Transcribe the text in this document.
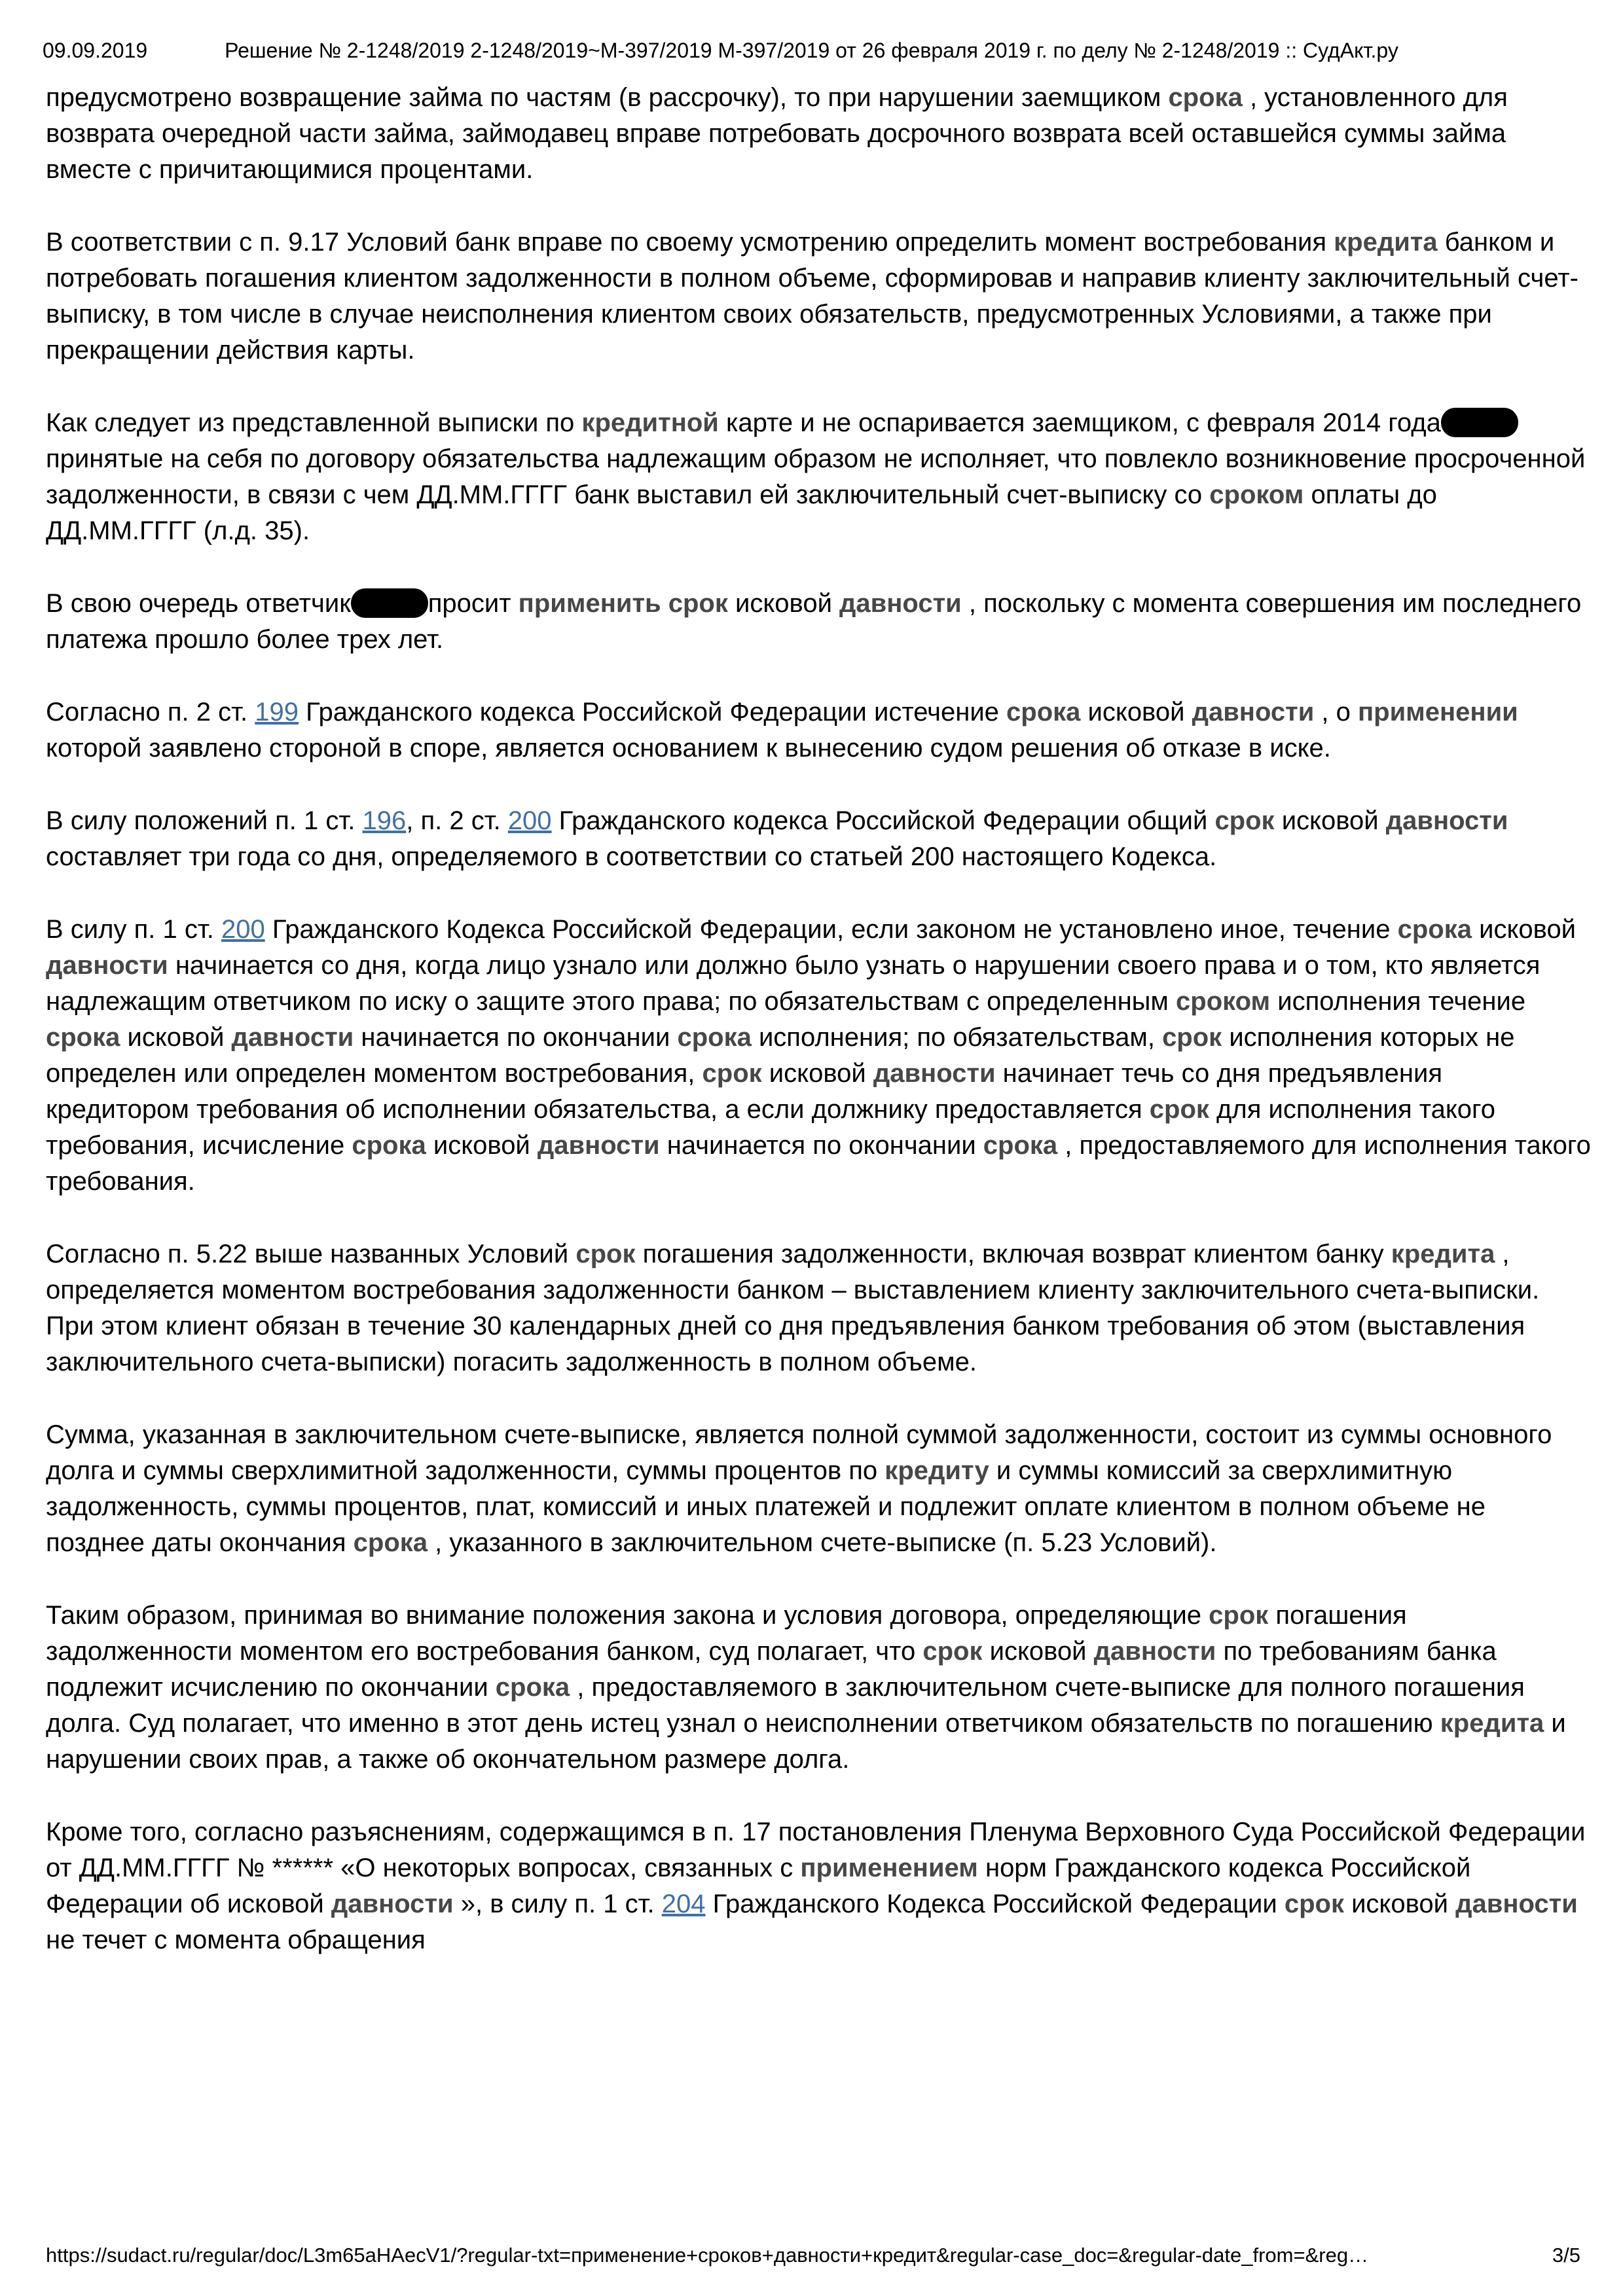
09.09.2019	Решение № 2-1248/2019 2-1248/2019~М-397/2019 М-397/2019 от 26 февраля 2019 г. по делу № 2-1248/2019 :: СудАкт.ру

предусмотрено возвращение займа по частям (в рассрочку), то при нарушении заемщиком срока , установленного для возврата очередной части займа, займодавец вправе потребовать досрочного возврата всей оставшейся суммы займа вместе с причитающимися процентами.

В соответствии с п. 9.17 Условий банк вправе по своему усмотрению определить момент востребования кредита банком и потребовать погашения клиентом задолженности в полном объеме, сформировав и направив клиенту заключительный счет-выписку, в том числе в случае неисполнения клиентом своих обязательств, предусмотренных Условиями, а также при прекращении действия карты.

Как следует из представленной выписки по кредитной карте и не оспаривается заемщиком, с февраля 2014 годапринятые на себя по договору обязательства надлежащим образом не исполняет, что повлекло возникновение просроченной задолженности, в связи с чем ДД.ММ.ГГГГ банк выставил ей заключительный счет-выписку со сроком оплаты до ДД.ММ.ГГГГ (л.д. 35).

В свою очередь ответчик	просит применить срок исковой давности , поскольку с момента совершения им последнего платежа прошло более трех лет.

Согласно п. 2 ст. 199 Гражданского кодекса Российской Федерации истечение срока исковой давности , о применении которой заявлено стороной в споре, является основанием к вынесению судом решения об отказе в иске.

В силу положений п. 1 ст. 196, п. 2 ст. 200 Гражданского кодекса Российской Федерации общий срок исковой давности составляет три года со дня, определяемого в соответствии со статьей 200 настоящего Кодекса.

В силу п. 1 ст. 200 Гражданского Кодекса Российской Федерации, если законом не установлено иное, течение срока исковой давности начинается со дня, когда лицо узнало или должно было узнать о нарушении своего права и о том, кто является надлежащим ответчиком по иску о защите этого права; по обязательствам с определенным сроком исполнения течение срока исковой давности начинается по окончании срока исполнения; по обязательствам, срок исполнения которых не определен или определен моментом востребования, срок исковой давности начинает течь со дня предъявления кредитором требования об исполнении обязательства, а если должнику предоставляется срок для исполнения такого требования, исчисление срока исковой давности начинается по окончании срока , предоставляемого для исполнения такого требования.

Согласно п. 5.22 выше названных Условий срок погашения задолженности, включая возврат клиентом банку кредита , определяется моментом востребования задолженности банком – выставлением клиенту заключительного счета-выписки. При этом клиент обязан в течение 30 календарных дней со дня предъявления банком требования об этом (выставления заключительного счета-выписки) погасить задолженность в полном объеме.

Сумма, указанная в заключительном счете-выписке, является полной суммой задолженности, состоит из суммы основного долга и суммы сверхлимитной задолженности, суммы процентов по кредиту и суммы комиссий за сверхлимитную задолженность, суммы процентов, плат, комиссий и иных платежей и подлежит оплате клиентом в полном объеме не позднее даты окончания срока , указанного в заключительном счете-выписке (п. 5.23 Условий).

Таким образом, принимая во внимание положения закона и условия договора, определяющие срок погашения задолженности моментом его востребования банком, суд полагает, что срок исковой давности по требованиям банка подлежит исчислению по окончании срока , предоставляемого в заключительном счете-выписке для полного погашения долга. Суд полагает, что именно в этот день истец узнал о неисполнении ответчиком обязательств по погашению кредита и нарушении своих прав, а также об окончательном размере долга.

Кроме того, согласно разъяснениям, содержащимся в п. 17 постановления Пленума Верховного Суда Российской Федерации от ДД.ММ.ГГГГ № ****** «О некоторых вопросах, связанных с применением норм Гражданского кодекса Российской Федерации об исковой давности », в силу п. 1 ст. 204 Гражданского Кодекса Российской Федерации срок исковой давности не течет с момента обращения

https://sudact.ru/regular/doc/L3m65aHAecV1/?regular-txt=применение+сроков+давности+кредит&regular-case_doc=&regular-date_from=&reg…	3/5
